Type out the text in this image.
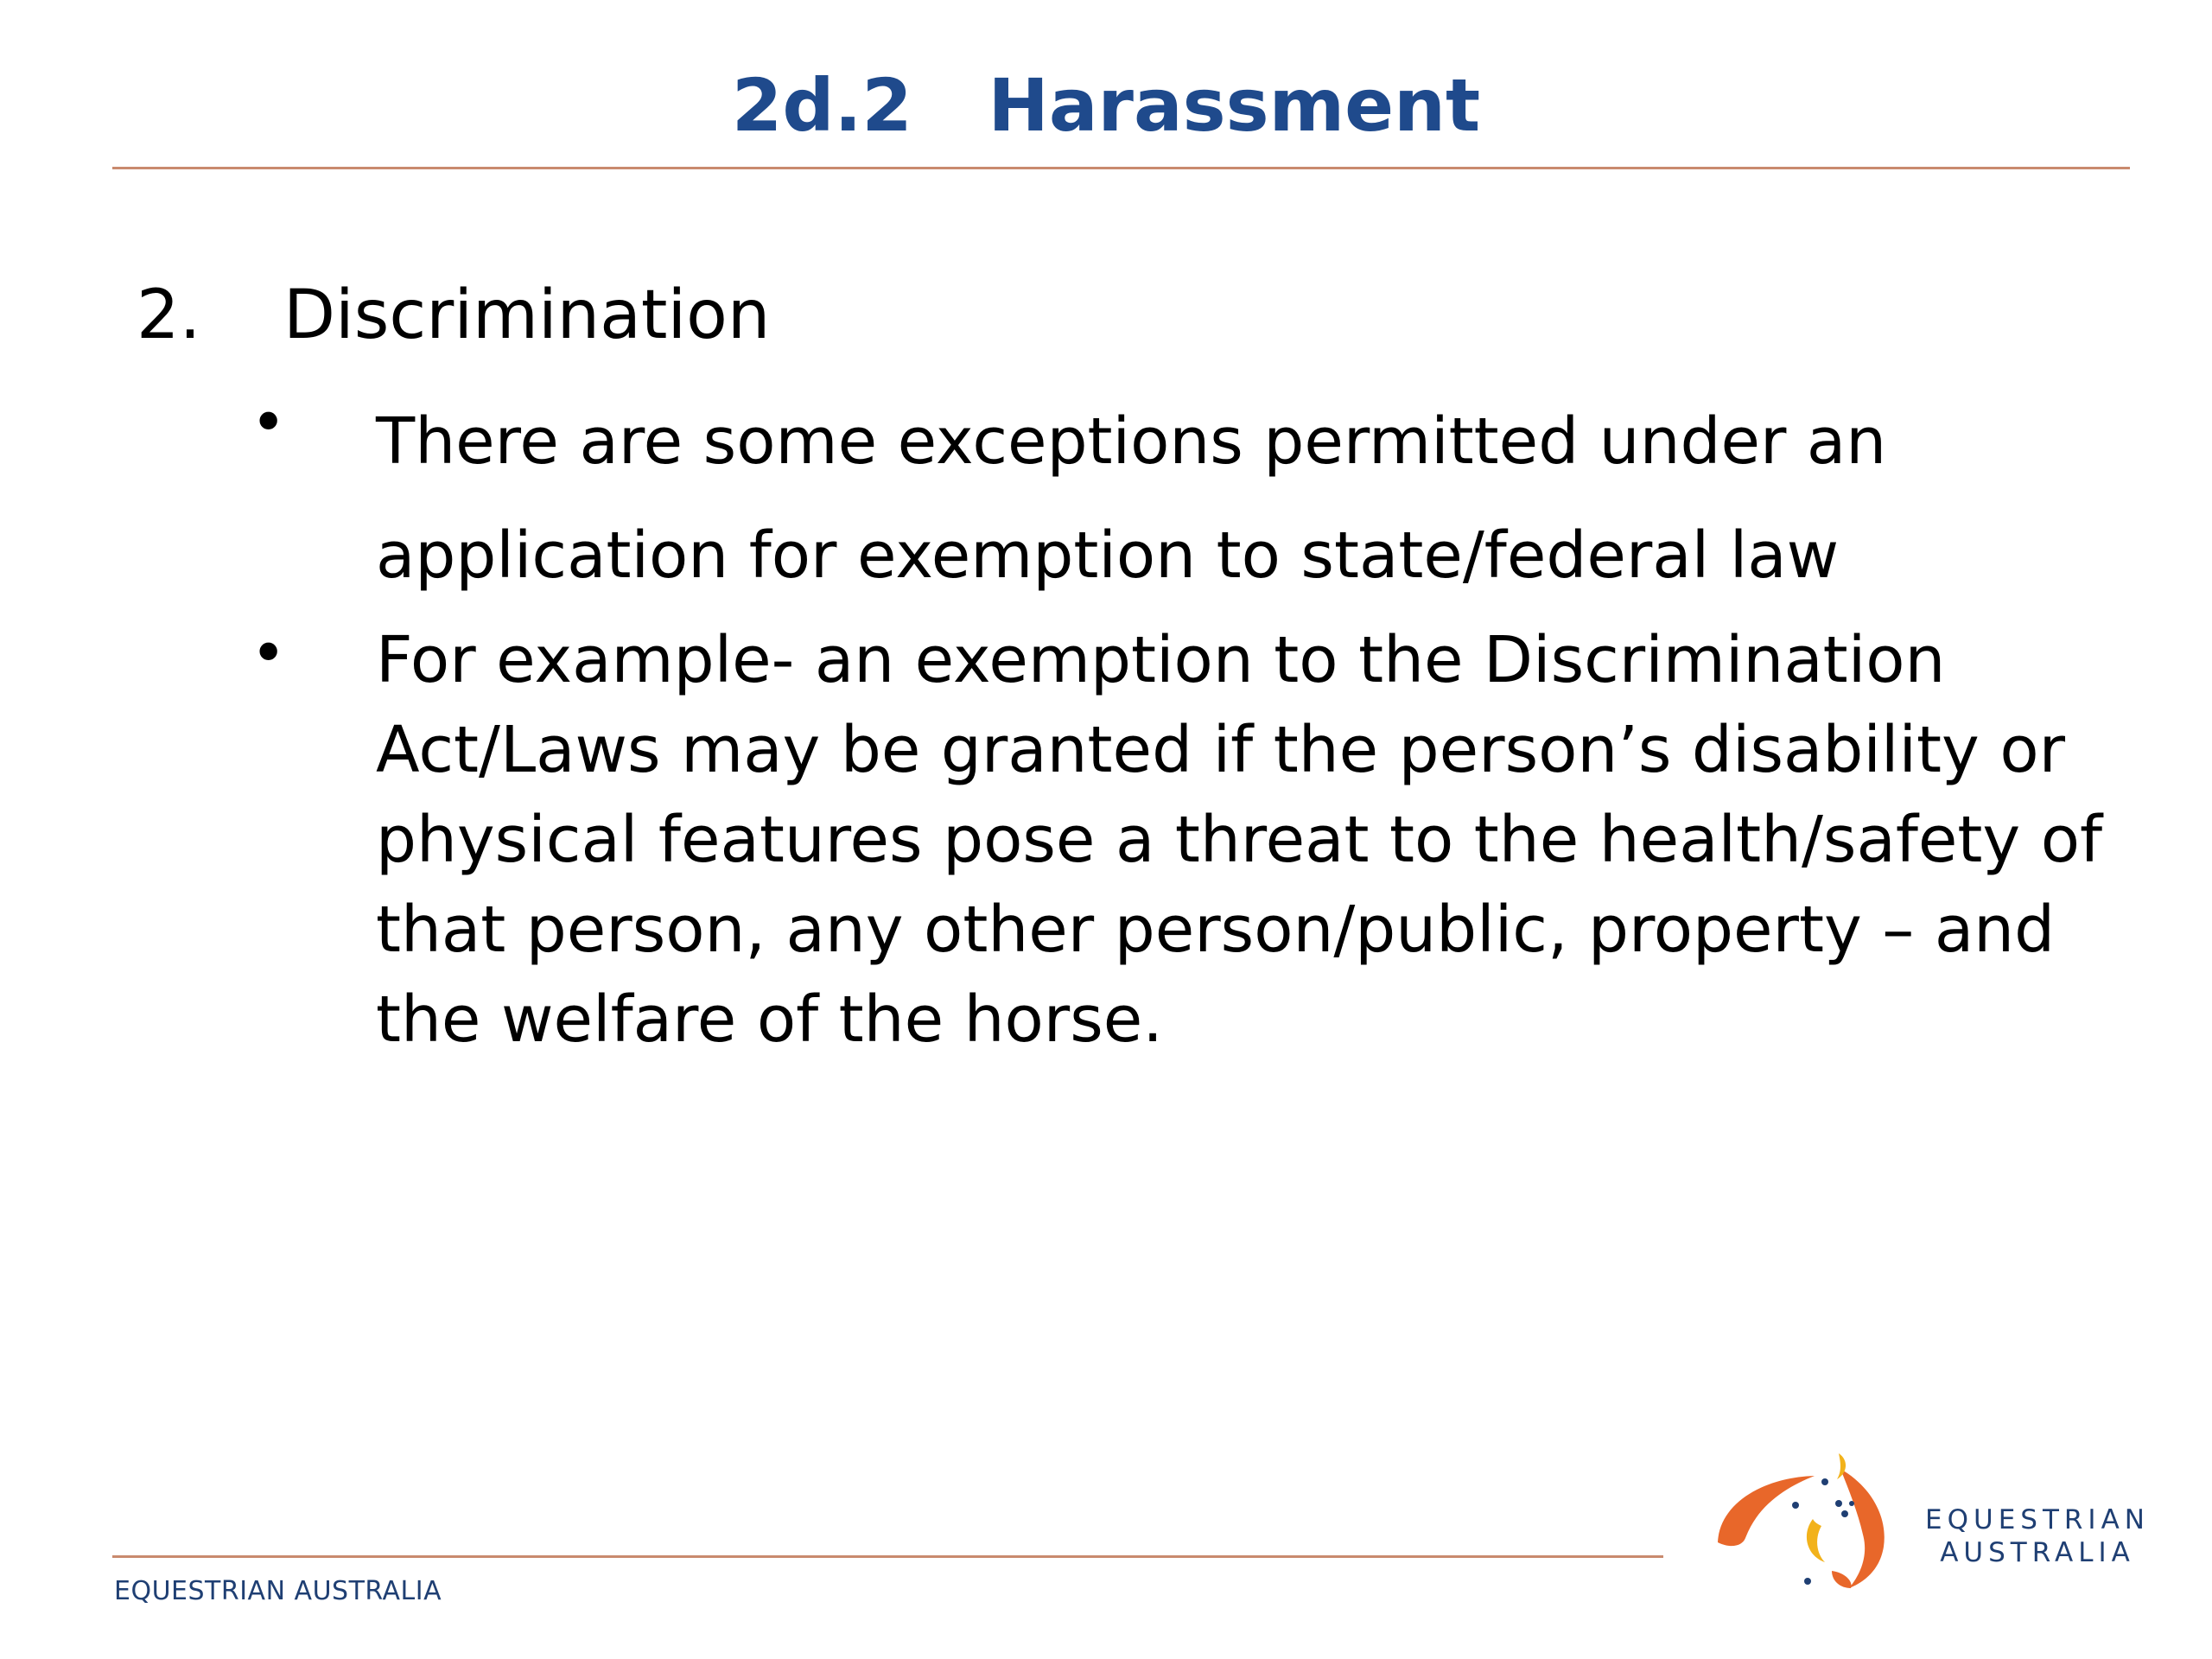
2d.2   Harassment
2. Discrimination
• There are some exceptions permitted under an application for exemption to state/federal law
• For example- an exemption to the Discrimination Act/Laws may be granted if the person’s disability or physical features pose a threat to the health/safety of that person, any other person/public, property – and the welfare of the horse.
EQUESTRIAN AUSTRALIA
EQUESTRIAN
AUSTRALIA
